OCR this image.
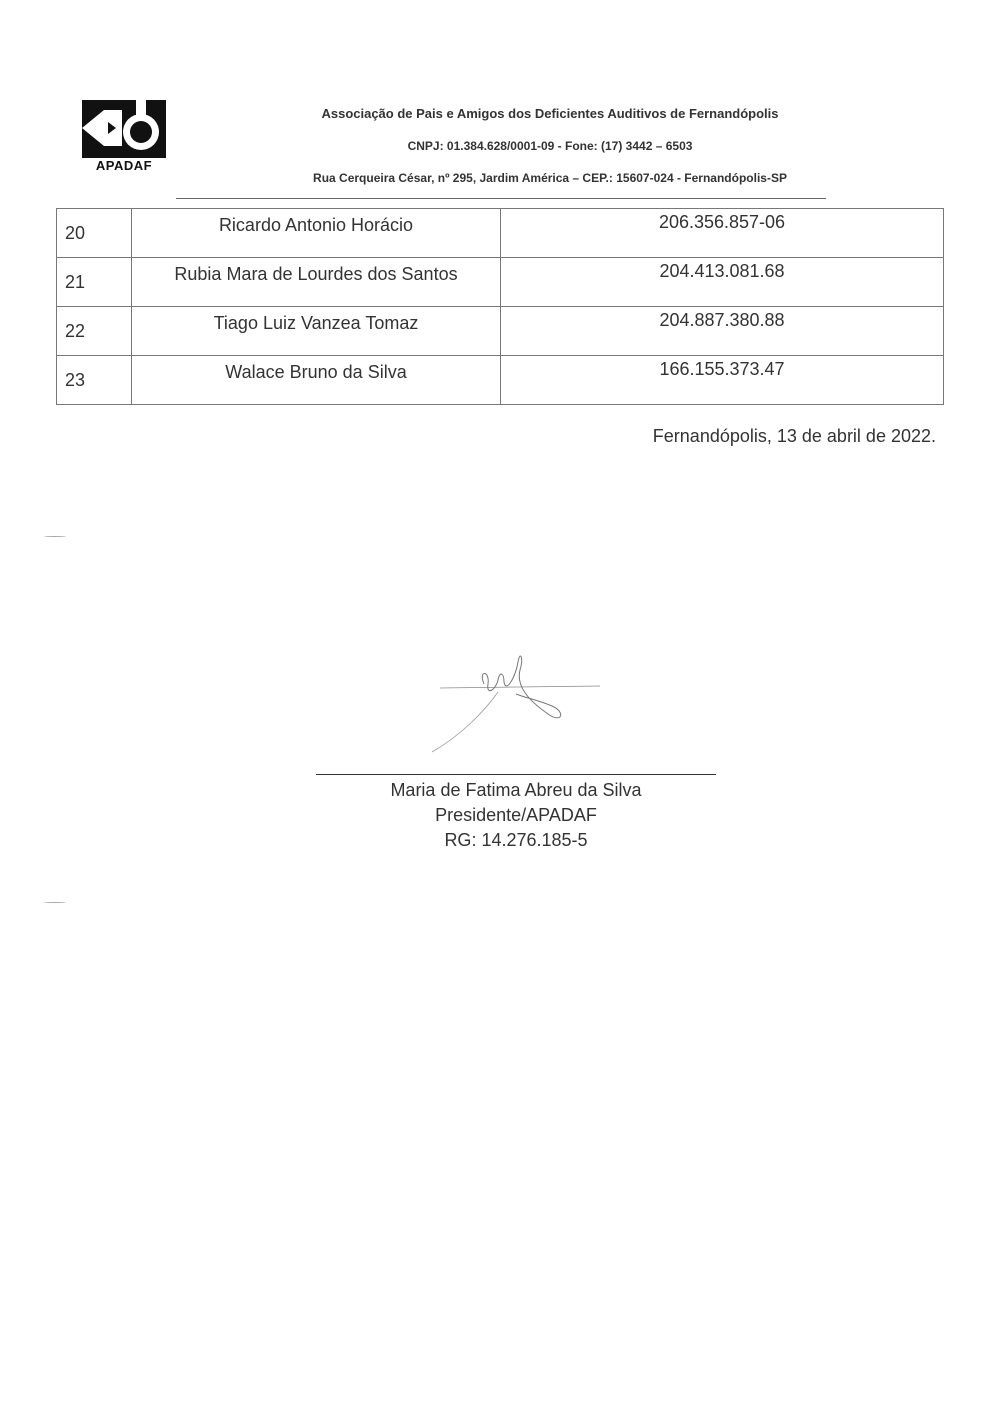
APADAF
Associação de Pais e Amigos dos Deficientes Auditivos de Fernandópolis
CNPJ: 01.384.628/0001-09 - Fone: (17) 3442 – 6503
Rua Cerqueira César, nº 295, Jardim América – CEP.: 15607-024 - Fernandópolis-SP
20	Ricardo Antonio Horácio	206.356.857-06
21	Rubia Mara de Lourdes dos Santos	204.413.081.68
22	Tiago Luiz Vanzea Tomaz	204.887.380.88
23	Walace Bruno da Silva	166.155.373.47
Fernandópolis, 13 de abril de 2022.
Maria de Fatima Abreu da Silva
Presidente/APADAF
RG: 14.276.185-5
